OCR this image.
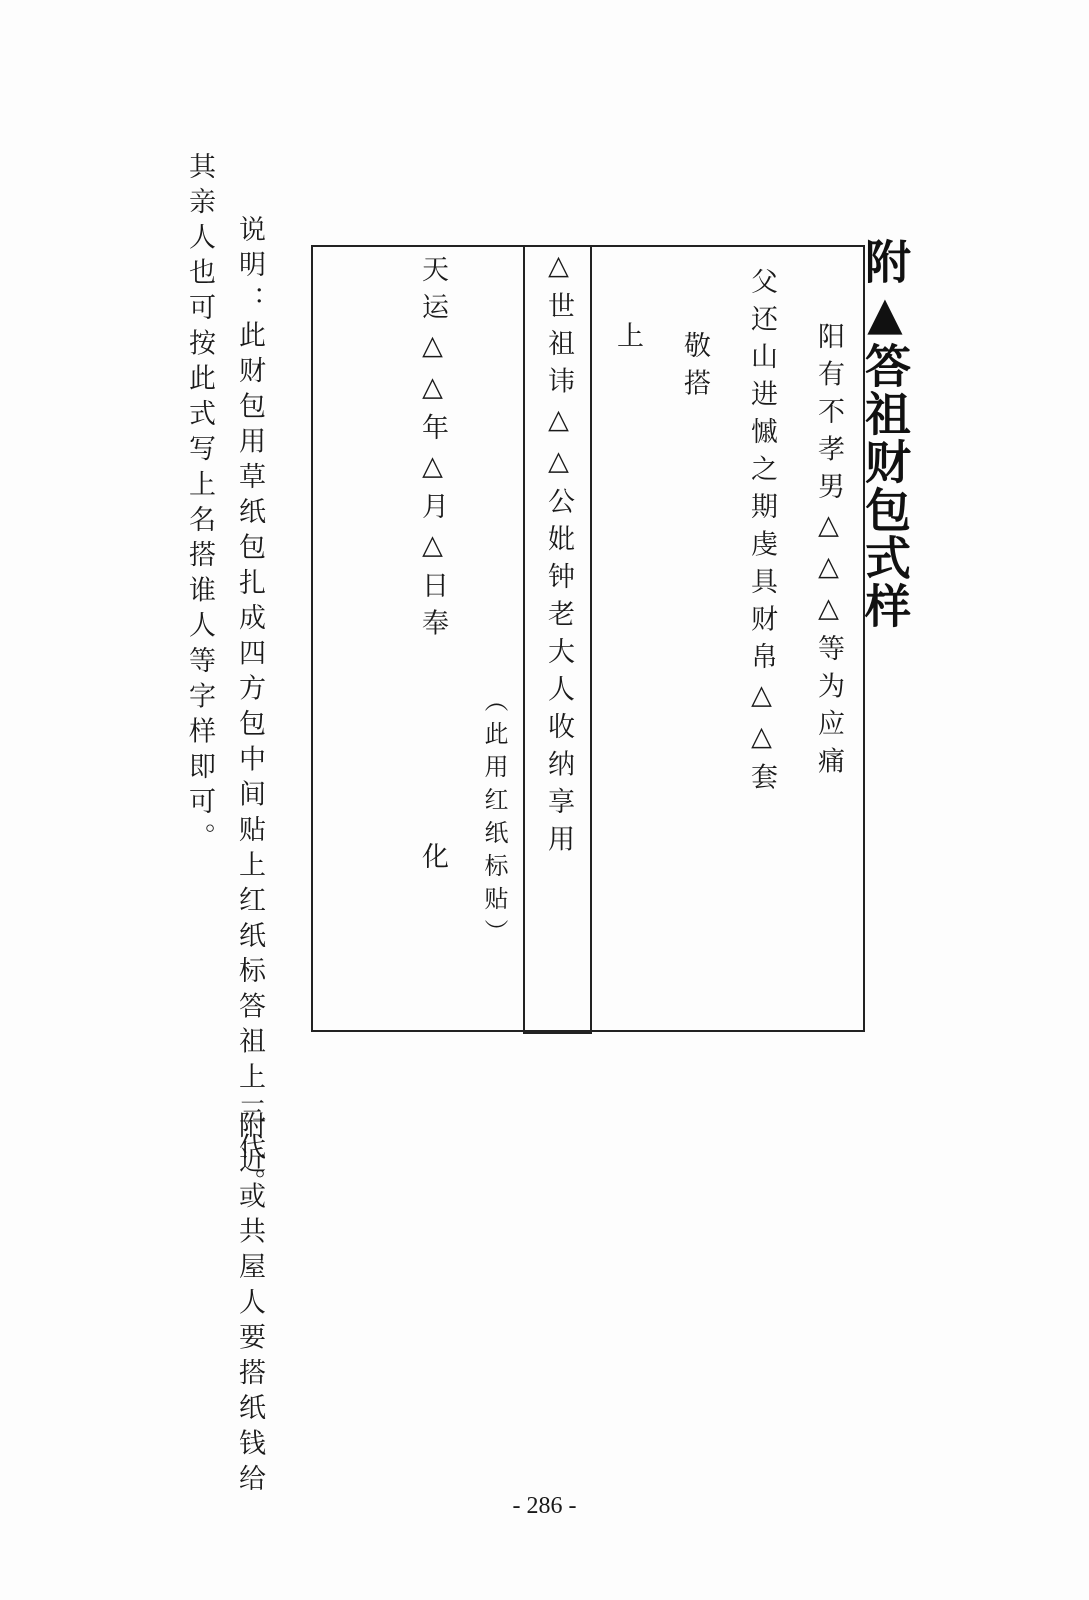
附▲答祖财包式样
阳有不孝男△△△等为应痛
父还山进慽之期虔具财帛△△套
敬搭
上
△世祖讳△△公妣钟老大人收纳享用
（此用红纸标贴）
天运△△年△月△日奉
化
说明：此财包用草纸包扎成四方包中间贴上红纸标答祖上三代。
附近或共屋人要搭纸钱给
其亲人也可按此式写上名搭谁人等字样即可。
- 286 -
